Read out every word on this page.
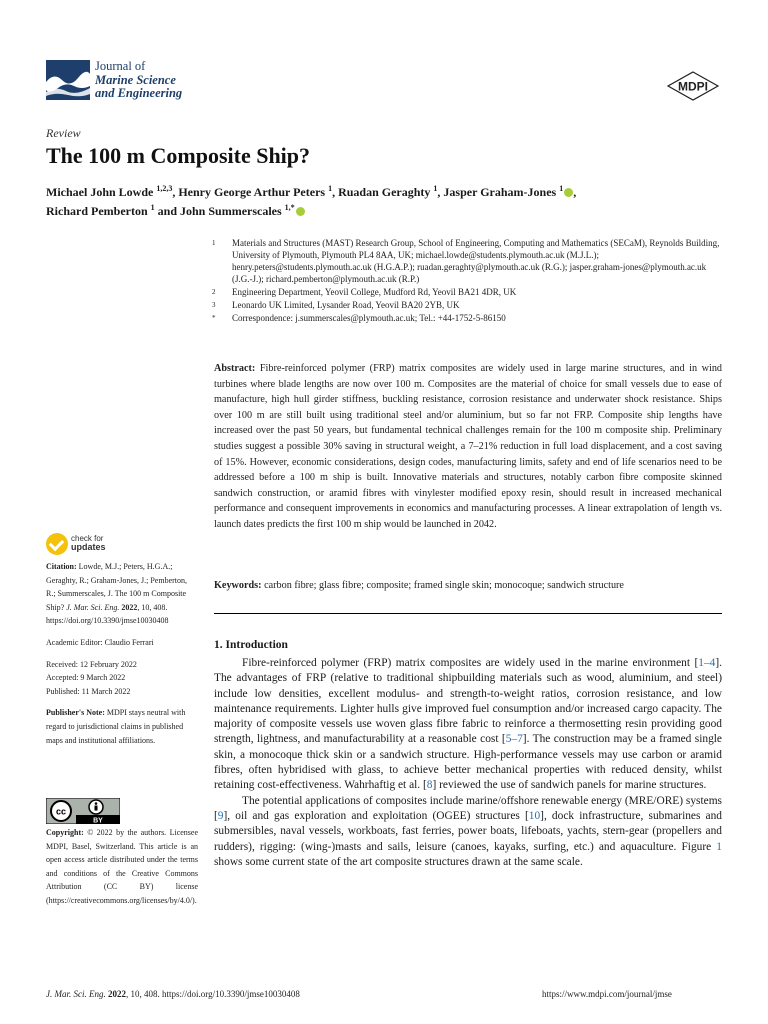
Journal of
Marine Science
and Engineering	MDPI
Review
The 100 m Composite Ship?
Michael John Lowde $^{1,2,3}$, Henry George Arthur Peters $^1$, Ruadan Geraghty $^1$, Jasper Graham-Jones $^1$ ,
Richard Pemberton $^1$ and John Summerscales $^{1,*}$
1	Materials and Structures (MAST) Research Group, School of Engineering, Computing and Mathematics (SECaM), Reynolds Building, University of Plymouth, Plymouth PL4 8AA, UK; michael.lowde@students.plymouth.ac.uk (M.J.L.); henry.peters@students.plymouth.ac.uk (H.G.A.P.); ruadan.geraghty@plymouth.ac.uk (R.G.); jasper.graham-jones@plymouth.ac.uk (J.G.-J.); richard.pemberton@plymouth.ac.uk (R.P.)
2	Engineering Department, Yeovil College, Mudford Rd, Yeovil BA21 4DR, UK
3	Leonardo UK Limited, Lysander Road, Yeovil BA20 2YB, UK
*	Correspondence: j.summerscales@plymouth.ac.uk; Tel.: +44-1752-5-86150
Abstract: Fibre-reinforced polymer (FRP) matrix composites are widely used in large marine structures, and in wind turbines where blade lengths are now over 100 m. Composites are the material of choice for small vessels due to ease of manufacture, high hull girder stiffness, buckling resistance, corrosion resistance and underwater shock resistance. Ships over 100 m are still built using traditional steel and/or aluminium, but so far not FRP. Composite ship lengths have increased over the past 50 years, but fundamental technical challenges remain for the 100 m composite ship. Preliminary studies suggest a possible 30% saving in structural weight, a 7–21% reduction in full load displacement, and a cost saving of 15%. However, economic considerations, design codes, manufacturing limits, safety and end of life scenarios need to be addressed before a 100 m ship is built. Innovative materials and structures, notably carbon fibre composite skinned sandwich construction, or aramid fibres with vinylester modified epoxy resin, should result in increased mechanical performance and consequent improvements in economics and manufacturing processes. A linear extrapolation of length vs. launch dates predicts the first 100 m ship would be launched in 2042.
Keywords: carbon fibre; glass fibre; composite; framed single skin; monocoque; sandwich structure
1. Introduction

Fibre-reinforced polymer (FRP) matrix composites are widely used in the marine environment [1–4]. The advantages of FRP (relative to traditional shipbuilding materials such as wood, aluminium, and steel) include low densities, excellent modulus- and strength-to-weight ratios, corrosion resistance, and low maintenance requirements. Lighter hulls give improved fuel consumption and/or increased cargo capacity. The majority of composite vessels use woven glass fibre fabric to reinforce a thermosetting resin providing good strength, lightness, and manufacturability at a reasonable cost [5–7]. The construction may be a framed single skin, a monocoque thick skin or a sandwich structure. High-performance vessels may use carbon or aramid fibres, often hybridised with glass, to achieve better mechanical properties with reduced density, whilst retaining cost-effectiveness. Wahrhaftig et al. [8] reviewed the use of sandwich panels for marine structures.

The potential applications of composites include marine/offshore renewable energy (MRE/ORE) systems [9], oil and gas exploration and exploitation (OGEE) structures [10], dock infrastructure, submarines and submersibles, naval vessels, workboats, fast ferries, power boats, lifeboats, yachts, stern-gear (propellers and rudders), rigging: (wing-)masts and sails, leisure (canoes, kayaks, surfing, etc.) and aquaculture. Figure 1 shows some current state of the art composite structures drawn at the same scale.

check for
updates
Citation: Lowde, M.J.; Peters, H.G.A.; Geraghty, R.; Graham-Jones, J.; Pemberton, R.; Summerscales, J. The 100 m Composite Ship? J. Mar. Sci. Eng. 2022, 10, 408. https://doi.org/10.3390/jmse10030408
Academic Editor: Claudio Ferrari
Received: 12 February 2022
Accepted: 9 March 2022
Published: 11 March 2022
Publisher's Note: MDPI stays neutral with regard to jurisdictional claims in published maps and institutional affiliations.
cc
BY
Copyright: © 2022 by the authors. Licensee MDPI, Basel, Switzerland. This article is an open access article distributed under the terms and conditions of the Creative Commons Attribution (CC BY) license (https://creativecommons.org/licenses/by/4.0/).
J. Mar. Sci. Eng. 2022, 10, 408. https://doi.org/10.3390/jmse10030408	https://www.mdpi.com/journal/jmse
